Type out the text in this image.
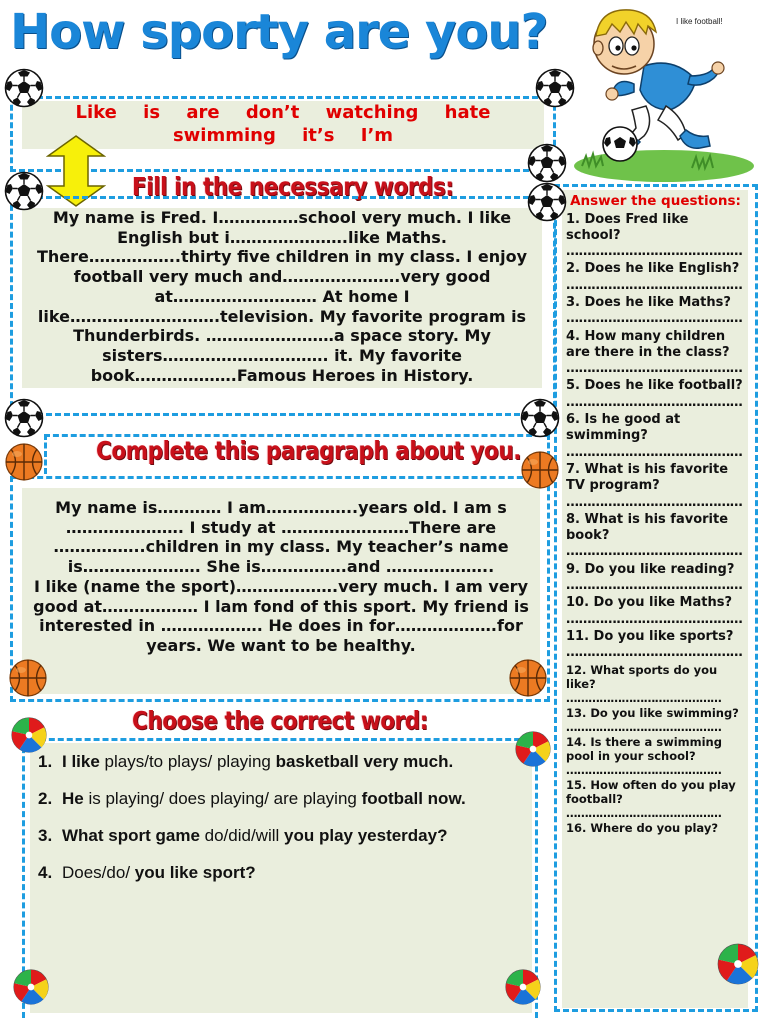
How sporty are you?	I like football!
Like is are don’t watching hate
swimming it’s I’m
Fill in the necessary words:
My name is Fred. I……………school very much. I like English but i………………….like Maths. There……………..thirty five children in my class. I enjoy football very much and………………….very good at……………………… At home I like……………………….television. My favorite program is Thunderbirds. ……………………a space story. My sisters…………………………. it. My favorite book……………….Famous Heroes in History.
Complete this paragraph about you.
My name is………… I am……………..years old. I am s …………………. I study at ……………………There are ……………..children in my class. My teacher’s name is…………………. She is…………….and ………………..
I like (name the sport)……………….very much. I am very good at……………… I lam fond of this sport. My friend is interested in ………………. He does in for……………….for years. We want to be healthy.
Choose the correct word:
1. I like plays/to plays/ playing basketball very much.
2. He is playing/ does playing/ are playing football now.
3. What sport game do/did/will you play yesterday?
4. Does/do/ you like sport?
Answer the questions:
1. Does Fred like school?
……………………………………
2. Does he like English?
……………………………………
3. Does he like Maths?
……………………………………
4. How many children are there in the class?
……………………………………
5. Does he like football?
……………………………………
6. Is he good at swimming?
……………………………………
7. What is his favorite TV program?
……………………………………
8. What is his favorite book?
……………………………………
9. Do you like reading?
……………………………………
10. Do you like Maths?
……………………………………
11. Do you like sports?
……………………………………
12. What sports do you like?
……………………………………
13. Do you like swimming?
……………………………………
14. Is there a swimming pool in your school?
……………………………………
15. How often do you play football?
……………………………………
16. Where do you play?
